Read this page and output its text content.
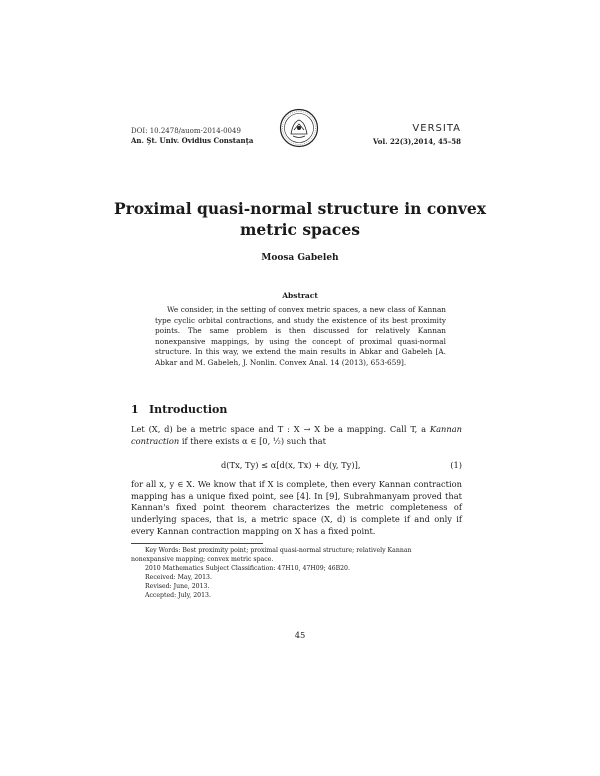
DOI: 10.2478/auom-2014-0049
An. Şt. Univ. Ovidius Constanţa
VERSITA
Vol. 22(3),2014, 45–58
Proximal quasi-normal structure in convex
metric spaces
Moosa Gabeleh
Abstract
We consider, in the setting of convex metric spaces, a new class of Kannan type cyclic orbital contractions, and study the existence of its best proximity points. The same problem is then discussed for relatively Kannan nonexpansive mappings, by using the concept of proximal quasi-normal structure. In this way, we extend the main results in Abkar and Gabeleh [A. Abkar and M. Gabeleh, J. Nonlin. Convex Anal. 14 (2013), 653-659].
1 Introduction
Let (X, d) be a metric space and T : X → X be a mapping. Call T, a Kannan contraction if there exists α ∈ [0, ½) such that
d(Tx, Ty) ≤ α[d(x, Tx) + d(y, Ty)],	(1)
for all x, y ∈ X. We know that if X is complete, then every Kannan contraction mapping has a unique fixed point, see [4]. In [9], Subrahmanyam proved that Kannan's fixed point theorem characterizes the metric completeness of underlying spaces, that is, a metric space (X, d) is complete if and only if every Kannan contraction mapping on X has a fixed point.
Key Words: Best proximity point; proximal quasi-normal structure; relatively Kannan
nonexpansive mapping; convex metric space.
2010 Mathematics Subject Classification: 47H10, 47H09; 46B20.
Received: May, 2013.
Revised: June, 2013.
Accepted: July, 2013.
45
